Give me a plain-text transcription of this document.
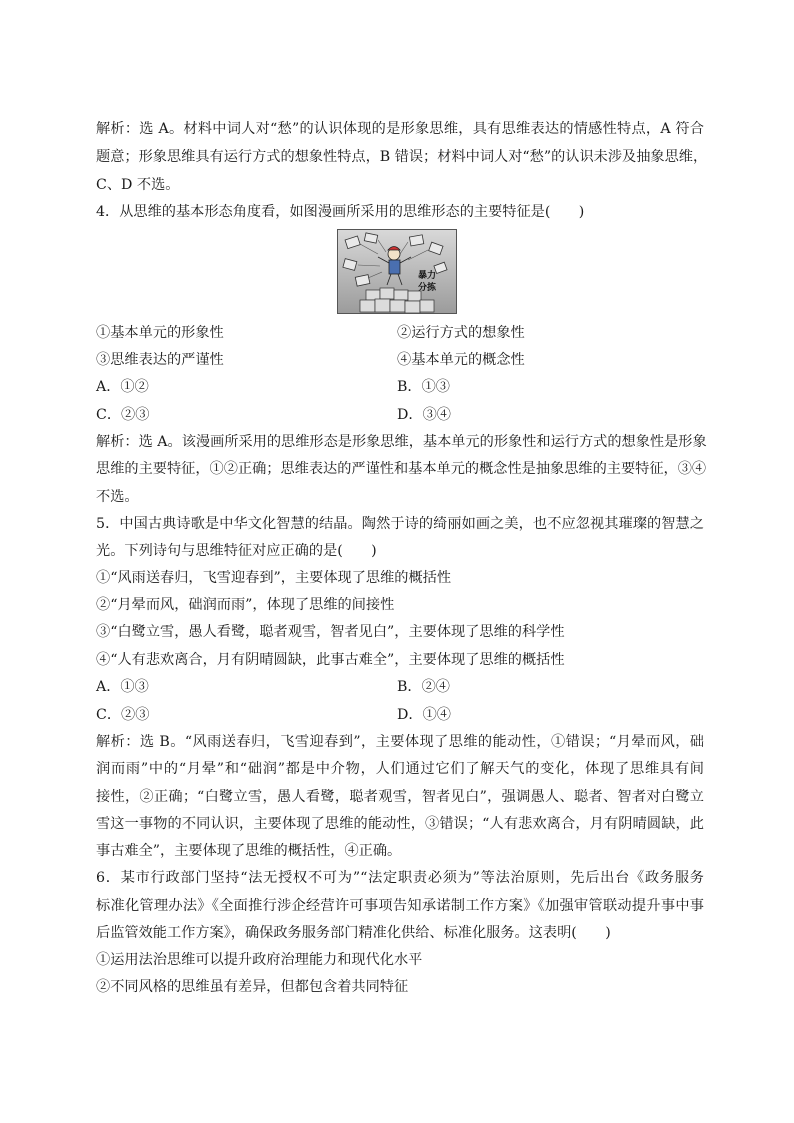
解析：选 A。材料中词人对“愁”的认识体现的是形象思维，具有思维表达的情感性特点，A 符合
题意；形象思维具有运行方式的想象性特点，B 错误；材料中词人对“愁”的认识未涉及抽象思维，
C、D 不选。
4．从思维的基本形态角度看，如图漫画所采用的思维形态的主要特征是(　　)
暴力
分拣
①基本单元的形象性	②运行方式的想象性
③思维表达的严谨性	④基本单元的概念性
A．①②	B．①③
C．②③	D．③④
解析：选 A。该漫画所采用的思维形态是形象思维，基本单元的形象性和运行方式的想象性是形象
思维的主要特征，①②正确；思维表达的严谨性和基本单元的概念性是抽象思维的主要特征，③④
不选。
5．中国古典诗歌是中华文化智慧的结晶。陶然于诗的绮丽如画之美，也不应忽视其璀璨的智慧之
光。下列诗句与思维特征对应正确的是(　　)
①“风雨送春归，飞雪迎春到”，主要体现了思维的概括性
②“月晕而风，础润而雨”，体现了思维的间接性
③“白鹭立雪，愚人看鹭，聪者观雪，智者见白”，主要体现了思维的科学性
④“人有悲欢离合，月有阴晴圆缺，此事古难全”，主要体现了思维的概括性
A．①③	B．②④
C．②③	D．①④
解析：选 B。“风雨送春归，飞雪迎春到”，主要体现了思维的能动性，①错误；“月晕而风，础
润而雨”中的“月晕”和“础润”都是中介物，人们通过它们了解天气的变化，体现了思维具有间
接性，②正确；“白鹭立雪，愚人看鹭，聪者观雪，智者见白”，强调愚人、聪者、智者对白鹭立
雪这一事物的不同认识，主要体现了思维的能动性，③错误；“人有悲欢离合，月有阴晴圆缺，此
事古难全”，主要体现了思维的概括性，④正确。
6．某市行政部门坚持“法无授权不可为”“法定职责必须为”等法治原则，先后出台《政务服务
标准化管理办法》《全面推行涉企经营许可事项告知承诺制工作方案》《加强审管联动提升事中事
后监管效能工作方案》，确保政务服务部门精准化供给、标准化服务。这表明(　　)
①运用法治思维可以提升政府治理能力和现代化水平
②不同风格的思维虽有差异，但都包含着共同特征
